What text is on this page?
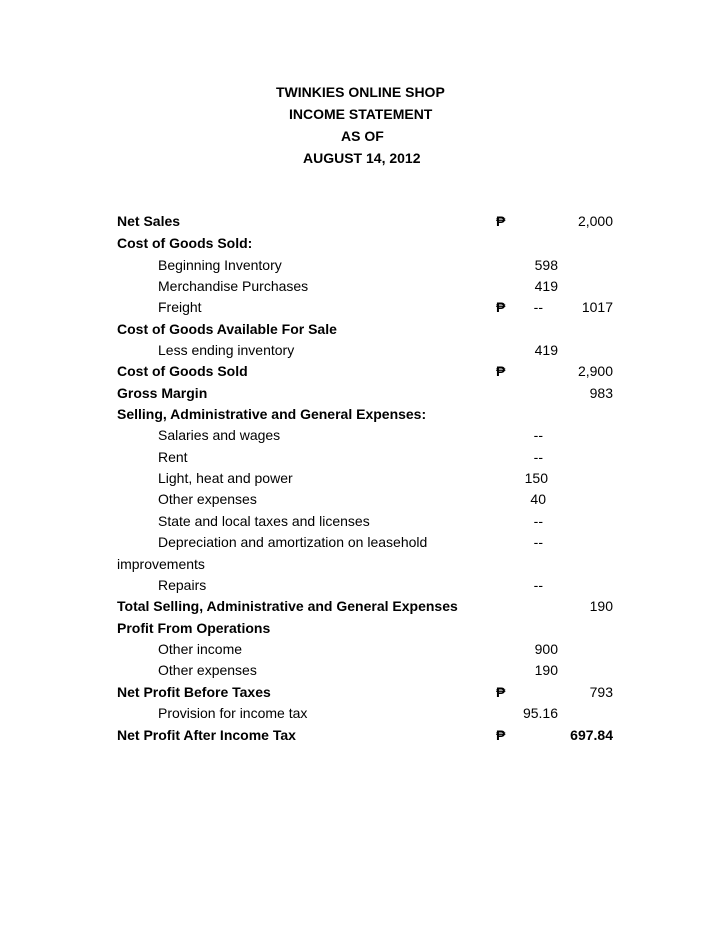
TWINKIES ONLINE SHOP
INCOME STATEMENT
AS OF
AUGUST 14, 2012
Net Sales	₱	2,000
Cost of Goods Sold:
Beginning Inventory	598
Merchandise Purchases	419
Freight	₱ --	1017
Cost of Goods Available For Sale
Less ending inventory	419
Cost of Goods Sold	₱	2,900
Gross Margin	983
Selling, Administrative and General Expenses:
Salaries and wages	--
Rent	--
Light, heat and power	150
Other expenses	40
State and local taxes and licenses	--
Depreciation and amortization on leasehold	--
improvements
Repairs	--
Total Selling, Administrative and General Expenses	190
Profit From Operations
Other income	900
Other expenses	190
Net Profit Before Taxes	₱	793
Provision for income tax	95.16
Net Profit After Income Tax	₱	697.84
